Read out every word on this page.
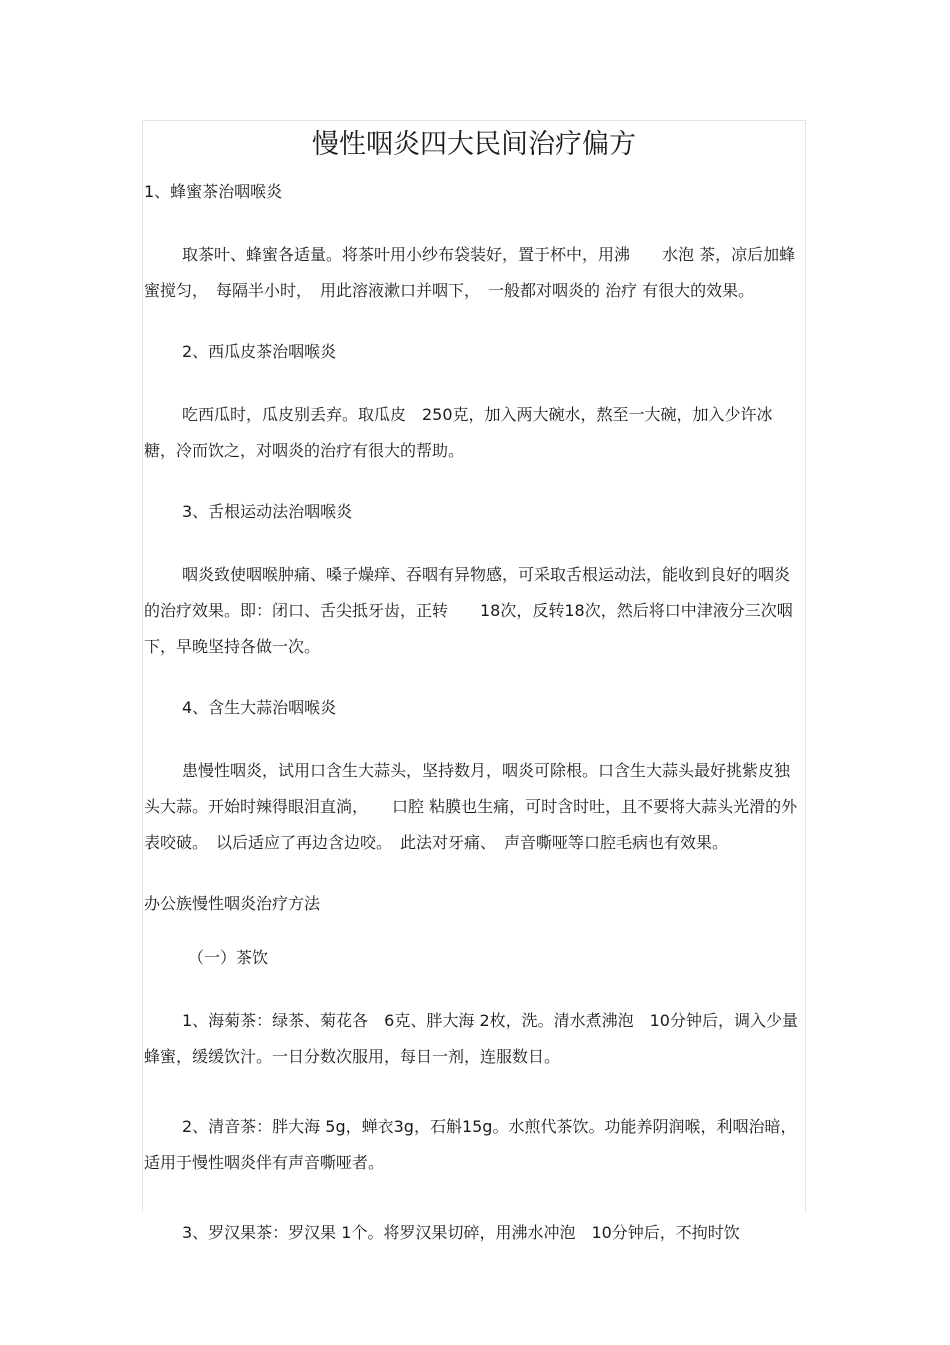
慢性咽炎四大民间治疗偏方

1、蜂蜜茶治咽喉炎

取茶叶、蜂蜜各适量。将茶叶用小纱布袋装好，置于杯中，用沸　　水泡 茶，凉后加蜂蜜搅匀，　每隔半小时，　用此溶液漱口并咽下，　一般都对咽炎的 治疗 有很大的效果。

2、西瓜皮茶治咽喉炎

吃西瓜时，瓜皮别丢弃。取瓜皮　250克，加入两大碗水，熬至一大碗，加入少许冰糖，冷而饮之，对咽炎的治疗有很大的帮助。

3、舌根运动法治咽喉炎

咽炎致使咽喉肿痛、嗓子燥痒、吞咽有异物感，可采取舌根运动法，能收到良好的咽炎的治疗效果。即：闭口、舌尖抵牙齿，正转　　18次，反转18次，然后将口中津液分三次咽下，早晚坚持各做一次。

4、含生大蒜治咽喉炎

患慢性咽炎，试用口含生大蒜头，坚持数月，咽炎可除根。口含生大蒜头最好挑紫皮独头大蒜。开始时辣得眼泪直淌，　　口腔 粘膜也生痛，可时含时吐，且不要将大蒜头光滑的外表咬破。　以后适应了再边含边咬。　此法对牙痛、　声音嘶哑等口腔毛病也有效果。

办公族慢性咽炎治疗方法

（一）茶饮

1、海菊茶：绿茶、菊花各　6克、胖大海 2枚，洗。清水煮沸泡　10分钟后，调入少量蜂蜜，缓缓饮汁。一日分数次服用，每日一剂，连服数日。

2、清音茶：胖大海 5g，蝉衣3g，石斛15g。水煎代茶饮。功能养阴润喉，利咽治暗，适用于慢性咽炎伴有声音嘶哑者。

3、罗汉果茶：罗汉果 1个。将罗汉果切碎，用沸水冲泡　10分钟后，不拘时饮
